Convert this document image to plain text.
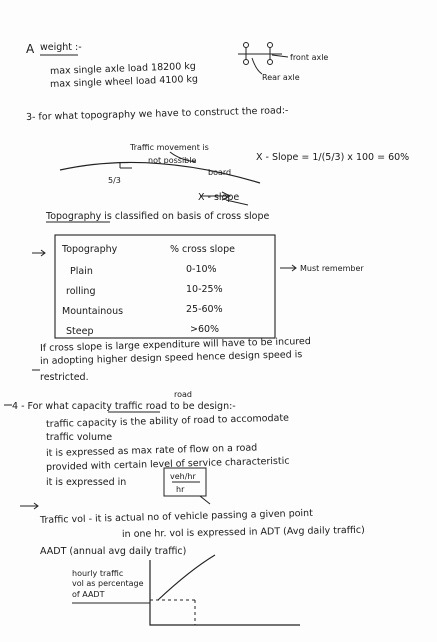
A weight :-
max single axle load 18200 kg
max single wheel load 4100 kg
front axle
Rear axle
3- for what topography we have to construct the road:-
Traffic movement is
not possible
board
5/3
X - Slope = 1/(5/3) x 100 = 60%
X - slope
Topography is classified on basis of cross slope
Topography	% cross slope
Plain	0-10%
rolling	10-25%
Mountainous	25-60%
Steep	>60%
Must remember
If cross slope is large expenditure will have to be incured
in adopting higher design speed hence design speed is
restricted.
road
4 - For what capacity traffic road to be design:-
traffic capacity is the ability of road to accomodate
traffic volume
it is expressed as max rate of flow on a road
provided with certain level of service characteristic
it is expressed in
veh/hr
hr
Traffic vol - it is actual no of vehicle passing a given point
in one hr. vol is expressed in ADT (Avg daily traffic)
AADT (annual avg daily traffic)
hourly traffic
vol as percentage
of AADT
